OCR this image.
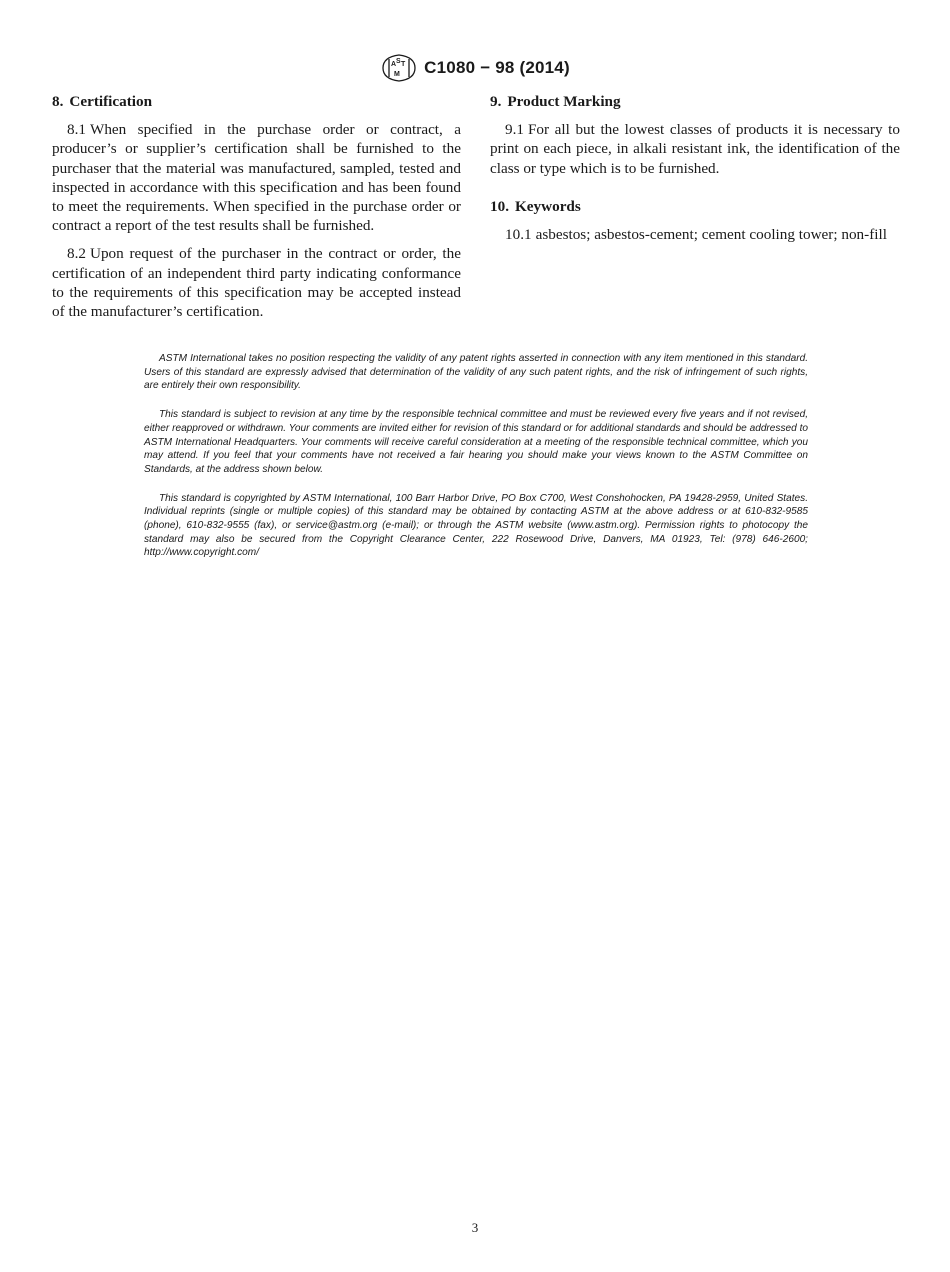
A S T
M C1080 − 98 (2014)
8. Certification

8.1 When specified in the purchase order or contract, a producer’s or supplier’s certification shall be furnished to the purchaser that the material was manufactured, sampled, tested and inspected in accordance with this specification and has been found to meet the requirements. When specified in the purchase order or contract a report of the test results shall be furnished.

8.2 Upon request of the purchaser in the contract or order, the certification of an independent third party indicating conformance to the requirements of this specification may be accepted instead of the manufacturer’s certification.

9. Product Marking

9.1 For all but the lowest classes of products it is necessary to print on each piece, in alkali resistant ink, the identification of the class or type which is to be furnished.

10. Keywords

10.1 asbestos; asbestos-cement; cement cooling tower; non-fill

ASTM International takes no position respecting the validity of any patent rights asserted in connection with any item mentioned in this standard. Users of this standard are expressly advised that determination of the validity of any such patent rights, and the risk of infringement of such rights, are entirely their own responsibility.

This standard is subject to revision at any time by the responsible technical committee and must be reviewed every five years and if not revised, either reapproved or withdrawn. Your comments are invited either for revision of this standard or for additional standards and should be addressed to ASTM International Headquarters. Your comments will receive careful consideration at a meeting of the responsible technical committee, which you may attend. If you feel that your comments have not received a fair hearing you should make your views known to the ASTM Committee on Standards, at the address shown below.

This standard is copyrighted by ASTM International, 100 Barr Harbor Drive, PO Box C700, West Conshohocken, PA 19428-2959, United States. Individual reprints (single or multiple copies) of this standard may be obtained by contacting ASTM at the above address or at 610-832-9585 (phone), 610-832-9555 (fax), or service@astm.org (e-mail); or through the ASTM website (www.astm.org). Permission rights to photocopy the standard may also be secured from the Copyright Clearance Center, 222 Rosewood Drive, Danvers, MA 01923, Tel: (978) 646-2600; http://www.copyright.com/

3
